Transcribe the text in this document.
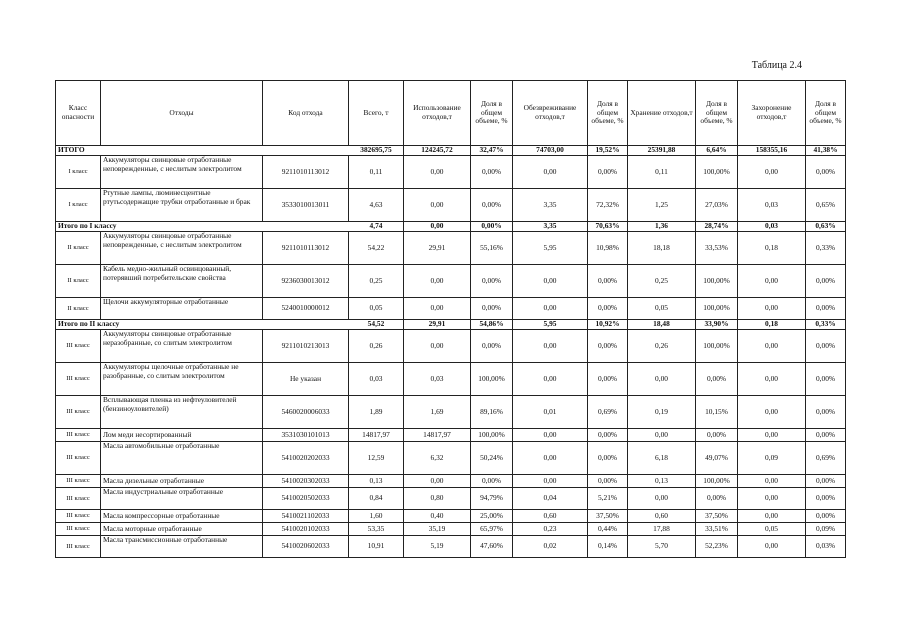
Таблица 2.4
Класс опасности	Отходы	Код отхода	Всего, т	Использование отходов,т	Доля в общем объеме, %	Обезвреживание отходов,т	Доля в общем объеме, %	Хранение отходов,т	Доля в общем объеме, %	Захоронение отходов,т	Доля в общем объеме, %
ИТОГО			382695,75	124245,72	32,47%	74703,00	19,52%	25391,88	6,64%	158355,16	41,38%
I класс	Аккумуляторы свинцовые отработанные неповрежденные, с неслитым электролитом	9211010113012	0,11	0,00	0,00%	0,00	0,00%	0,11	100,00%	0,00	0,00%
I класс	Ртутные лампы, люминесцентные ртутьсодержащие трубки отработанные и брак	3533010013011	4,63	0,00	0,00%	3,35	72,32%	1,25	27,03%	0,03	0,65%
Итого по I классу			4,74	0,00	0,00%	3,35	70,63%	1,36	28,74%	0,03	0,63%
II класс	Аккумуляторы свинцовые отработанные неповрежденные, с неслитым электролитом	9211010113012	54,22	29,91	55,16%	5,95	10,98%	18,18	33,53%	0,18	0,33%
II класс	Кабель медно-жильный освинцованный, потерявший потребительские свойства	9236030013012	0,25	0,00	0,00%	0,00	0,00%	0,25	100,00%	0,00	0,00%
II класс	Щелочи аккумуляторные отработанные	5240010000012	0,05	0,00	0,00%	0,00	0,00%	0,05	100,00%	0,00	0,00%
Итого по II классу			54,52	29,91	54,86%	5,95	10,92%	18,48	33,90%	0,18	0,33%
III класс	Аккумуляторы свинцовые отработанные неразобранные, со слитым электролитом	9211010213013	0,26	0,00	0,00%	0,00	0,00%	0,26	100,00%	0,00	0,00%
III класс	Аккумуляторы щелочные отработанные не разобранные, со слитым электролитом	Не указан	0,03	0,03	100,00%	0,00	0,00%	0,00	0,00%	0,00	0,00%
III класс	Всплывающая пленка из нефтеуловителей (бензиноуловителей)	5460020006033	1,89	1,69	89,16%	0,01	0,69%	0,19	10,15%	0,00	0,00%
III класс	Лом меди несортированный	3531030101013	14817,97	14817,97	100,00%	0,00	0,00%	0,00	0,00%	0,00	0,00%
III класс	Масла автомобильные отработанные	5410020202033	12,59	6,32	50,24%	0,00	0,00%	6,18	49,07%	0,09	0,69%
III класс	Масла дизельные отработанные	5410020302033	0,13	0,00	0,00%	0,00	0,00%	0,13	100,00%	0,00	0,00%
III класс	Масла индустриальные отработанные	5410020502033	0,84	0,80	94,79%	0,04	5,21%	0,00	0,00%	0,00	0,00%
III класс	Масла компрессорные отработанные	5410021102033	1,60	0,40	25,00%	0,60	37,50%	0,60	37,50%	0,00	0,00%
III класс	Масла моторные отработанные	5410020102033	53,35	35,19	65,97%	0,23	0,44%	17,88	33,51%	0,05	0,09%
III класс	Масла трансмиссионные отработанные	5410020602033	10,91	5,19	47,60%	0,02	0,14%	5,70	52,23%	0,00	0,03%
